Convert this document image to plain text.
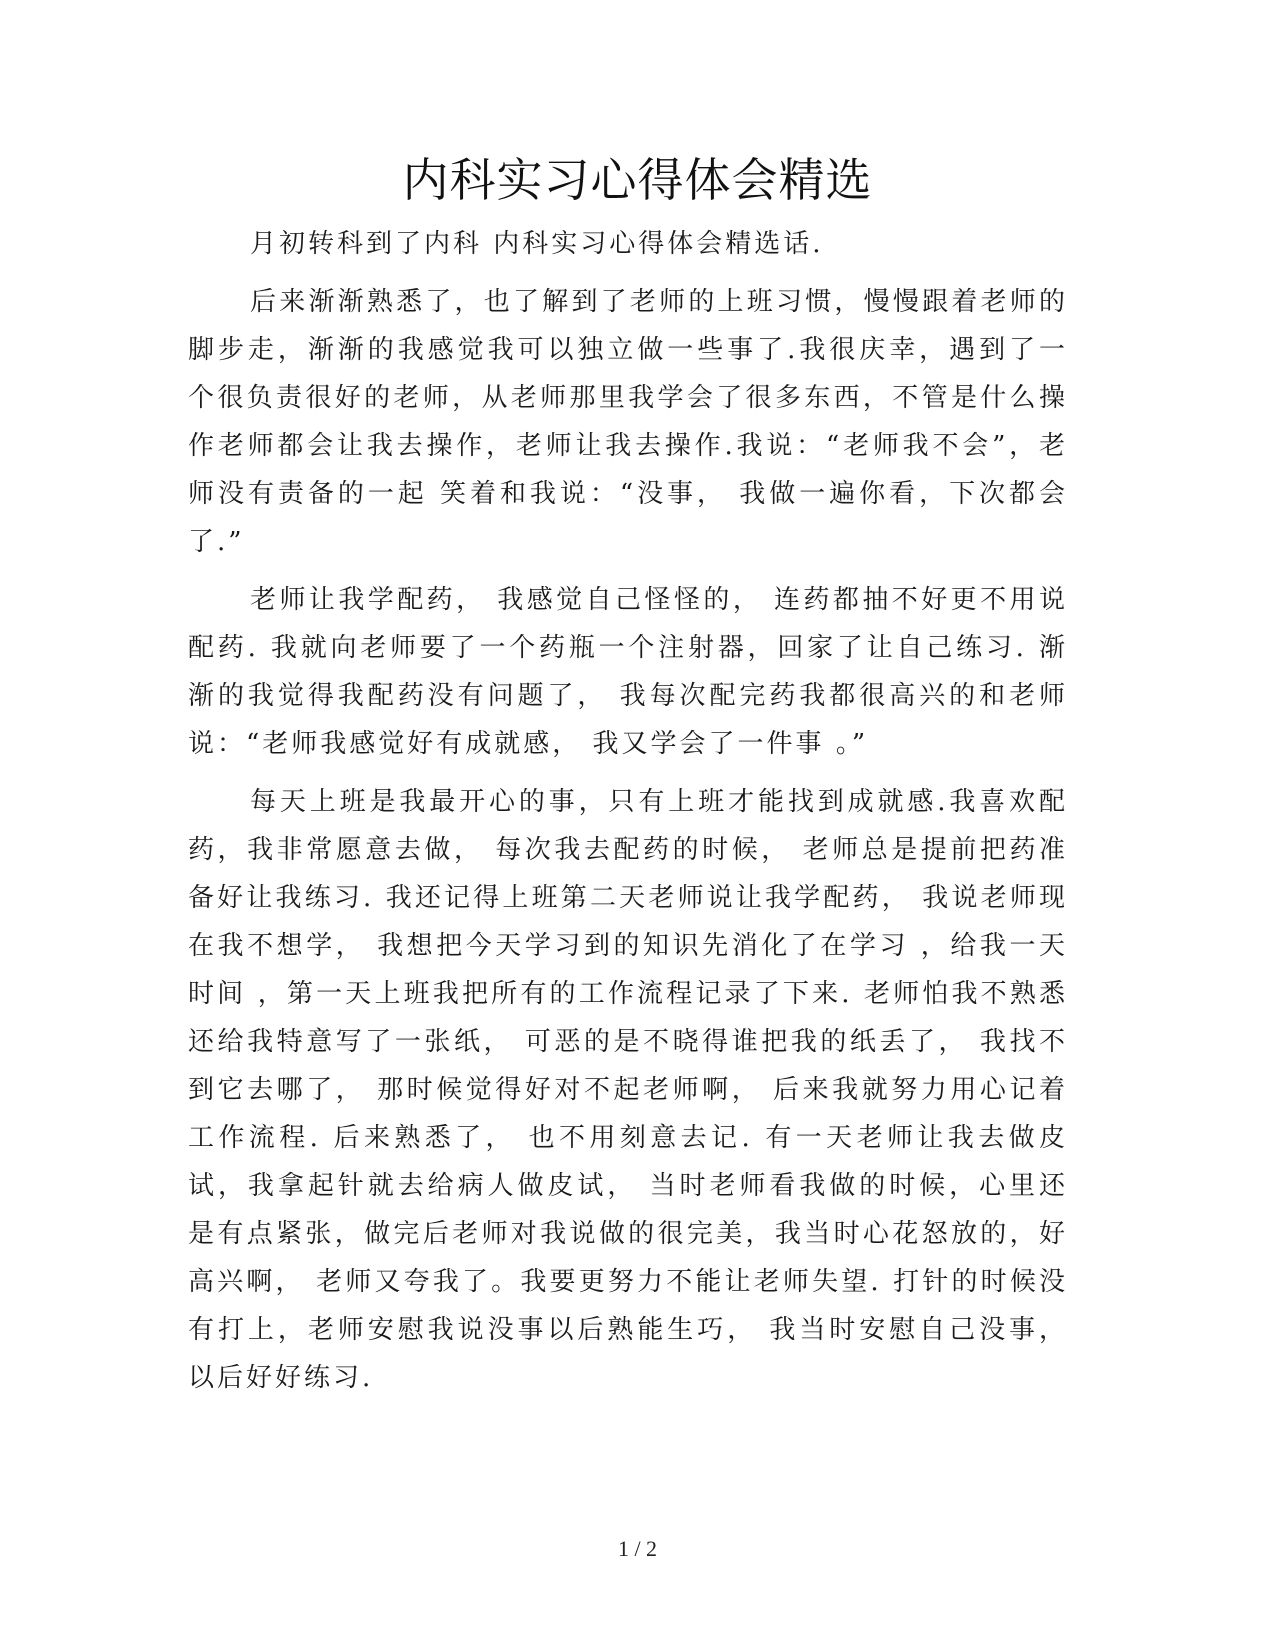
内科实习心得体会精选

月初转科到了内科 内科实习心得体会精选话.

后来渐渐熟悉了，也了解到了老师的上班习惯，慢慢跟着老师的脚步走，渐渐的我感觉我可以独立做一些事了.我很庆幸，遇到了一个很负责很好的老师，从老师那里我学会了很多东西，不管是什么操作老师都会让我去操作，老师让我去操作.我说：“老师我不会”，老师没有责备的一起 笑着和我说：“没事， 我做一遍你看，下次都会了.”

老师让我学配药， 我感觉自己怪怪的， 连药都抽不好更不用说配药. 我就向老师要了一个药瓶一个注射器，回家了让自己练习. 渐渐的我觉得我配药没有问题了， 我每次配完药我都很高兴的和老师说：“老师我感觉好有成就感， 我又学会了一件事 。”

每天上班是我最开心的事，只有上班才能找到成就感.我喜欢配药，我非常愿意去做， 每次我去配药的时候， 老师总是提前把药准备好让我练习. 我还记得上班第二天老师说让我学配药， 我说老师现在我不想学， 我想把今天学习到的知识先消化了在学习 ，给我一天时间 ，第一天上班我把所有的工作流程记录了下来. 老师怕我不熟悉还给我特意写了一张纸， 可恶的是不晓得谁把我的纸丢了， 我找不到它去哪了， 那时候觉得好对不起老师啊， 后来我就努力用心记着工作流程. 后来熟悉了， 也不用刻意去记. 有一天老师让我去做皮试，我拿起针就去给病人做皮试， 当时老师看我做的时候，心里还是有点紧张，做完后老师对我说做的很完美，我当时心花怒放的，好高兴啊， 老师又夸我了。我要更努力不能让老师失望. 打针的时候没有打上，老师安慰我说没事以后熟能生巧， 我当时安慰自己没事，以后好好练习.

1 / 2
